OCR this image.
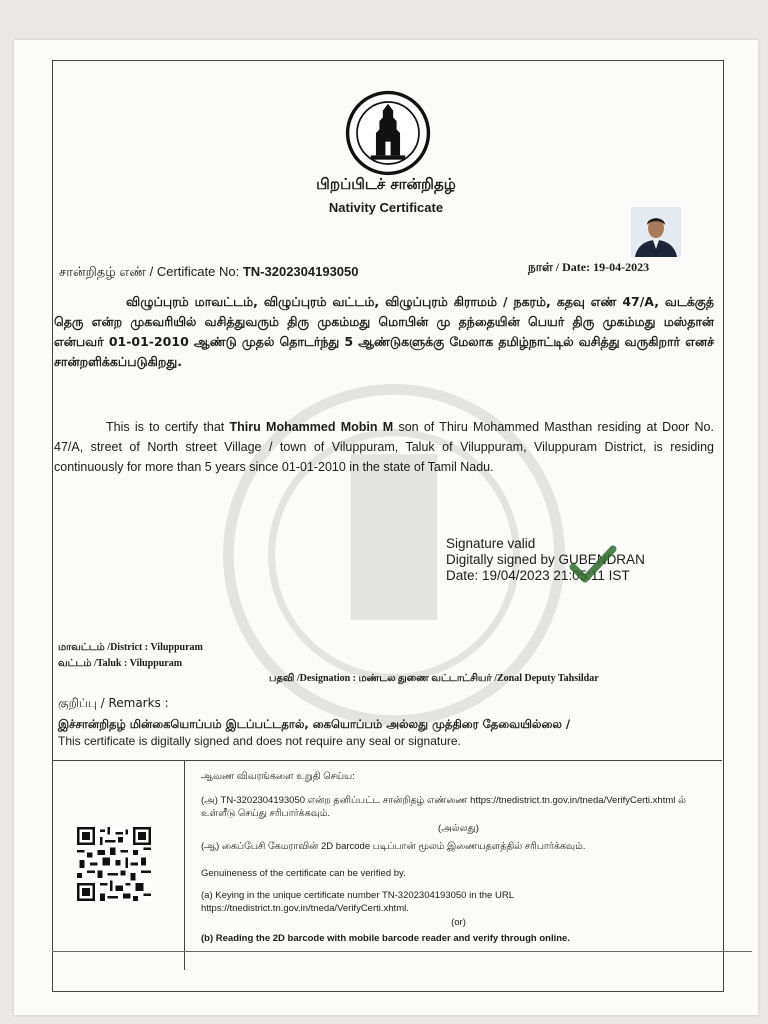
பிறப்பிடச் சான்றிதழ்
Nativity Certificate
சான்றிதழ் எண் / Certificate No: TN-3202304193050	நாள் / Date: 19-04-2023
விழுப்புரம் மாவட்டம், விழுப்புரம் வட்டம், விழுப்புரம் கிராமம் / நகரம், கதவு எண் 47/A, வடக்குத் தெரு என்ற முகவரியில் வசித்துவரும் திரு முகம்மது மொபின் மு தந்தையின் பெயர் திரு முகம்மது மஸ்தான் என்பவர் 01-01-2010 ஆண்டு முதல் தொடர்ந்து 5 ஆண்டுகளுக்கு மேலாக தமிழ்நாட்டில் வசித்து வருகிறார் எனச் சான்றளிக்கப்படுகிறது.
This is to certify that Thiru Mohammed Mobin M son of Thiru Mohammed Masthan residing at Door No. 47/A, street of North street Village / town of Viluppuram, Taluk of Viluppuram, Viluppuram District, is residing continuously for more than 5 years since 01-01-2010 in the state of Tamil Nadu.
Signature valid
Digitally signed by GUBENDRAN
Date: 19/04/2023 21:05:11 IST
மாவட்டம் /District : Viluppuram
வட்டம் /Taluk : Viluppuram
பதவி /Designation : மண்டல துணை வட்டாட்சியர் /Zonal Deputy Tahsildar
குறிப்பு / Remarks :
இச்சான்றிதழ் மின்கையொப்பம் இடப்பட்டதால், கையொப்பம் அல்லது முத்திரை தேவையில்லை /
This certificate is digitally signed and does not require any seal or signature.
ஆவண விவரங்களை உறுதி செய்ய:
(அ) TN-3202304193050 என்ற தனிப்பட்ட சான்றிதழ் எண்ணை https://tnedistrict.tn.gov.in/tneda/VerifyCerti.xhtml ல் உள்ளீடு செய்து சரிபார்க்கவும்.
(அல்லது)
(ஆ) கைப்பேசி கேமராவின் 2D barcode படிப்பான் மூலம் இணையதளத்தில் சரிபார்க்கவும்.
Genuineness of the certificate can be verified by.
(a) Keying in the unique certificate number TN-3202304193050 in the URL https://tnedistrict.tn.gov.in/tneda/VerifyCerti.xhtml.
(or)
(b) Reading the 2D barcode with mobile barcode reader and verify through online.
